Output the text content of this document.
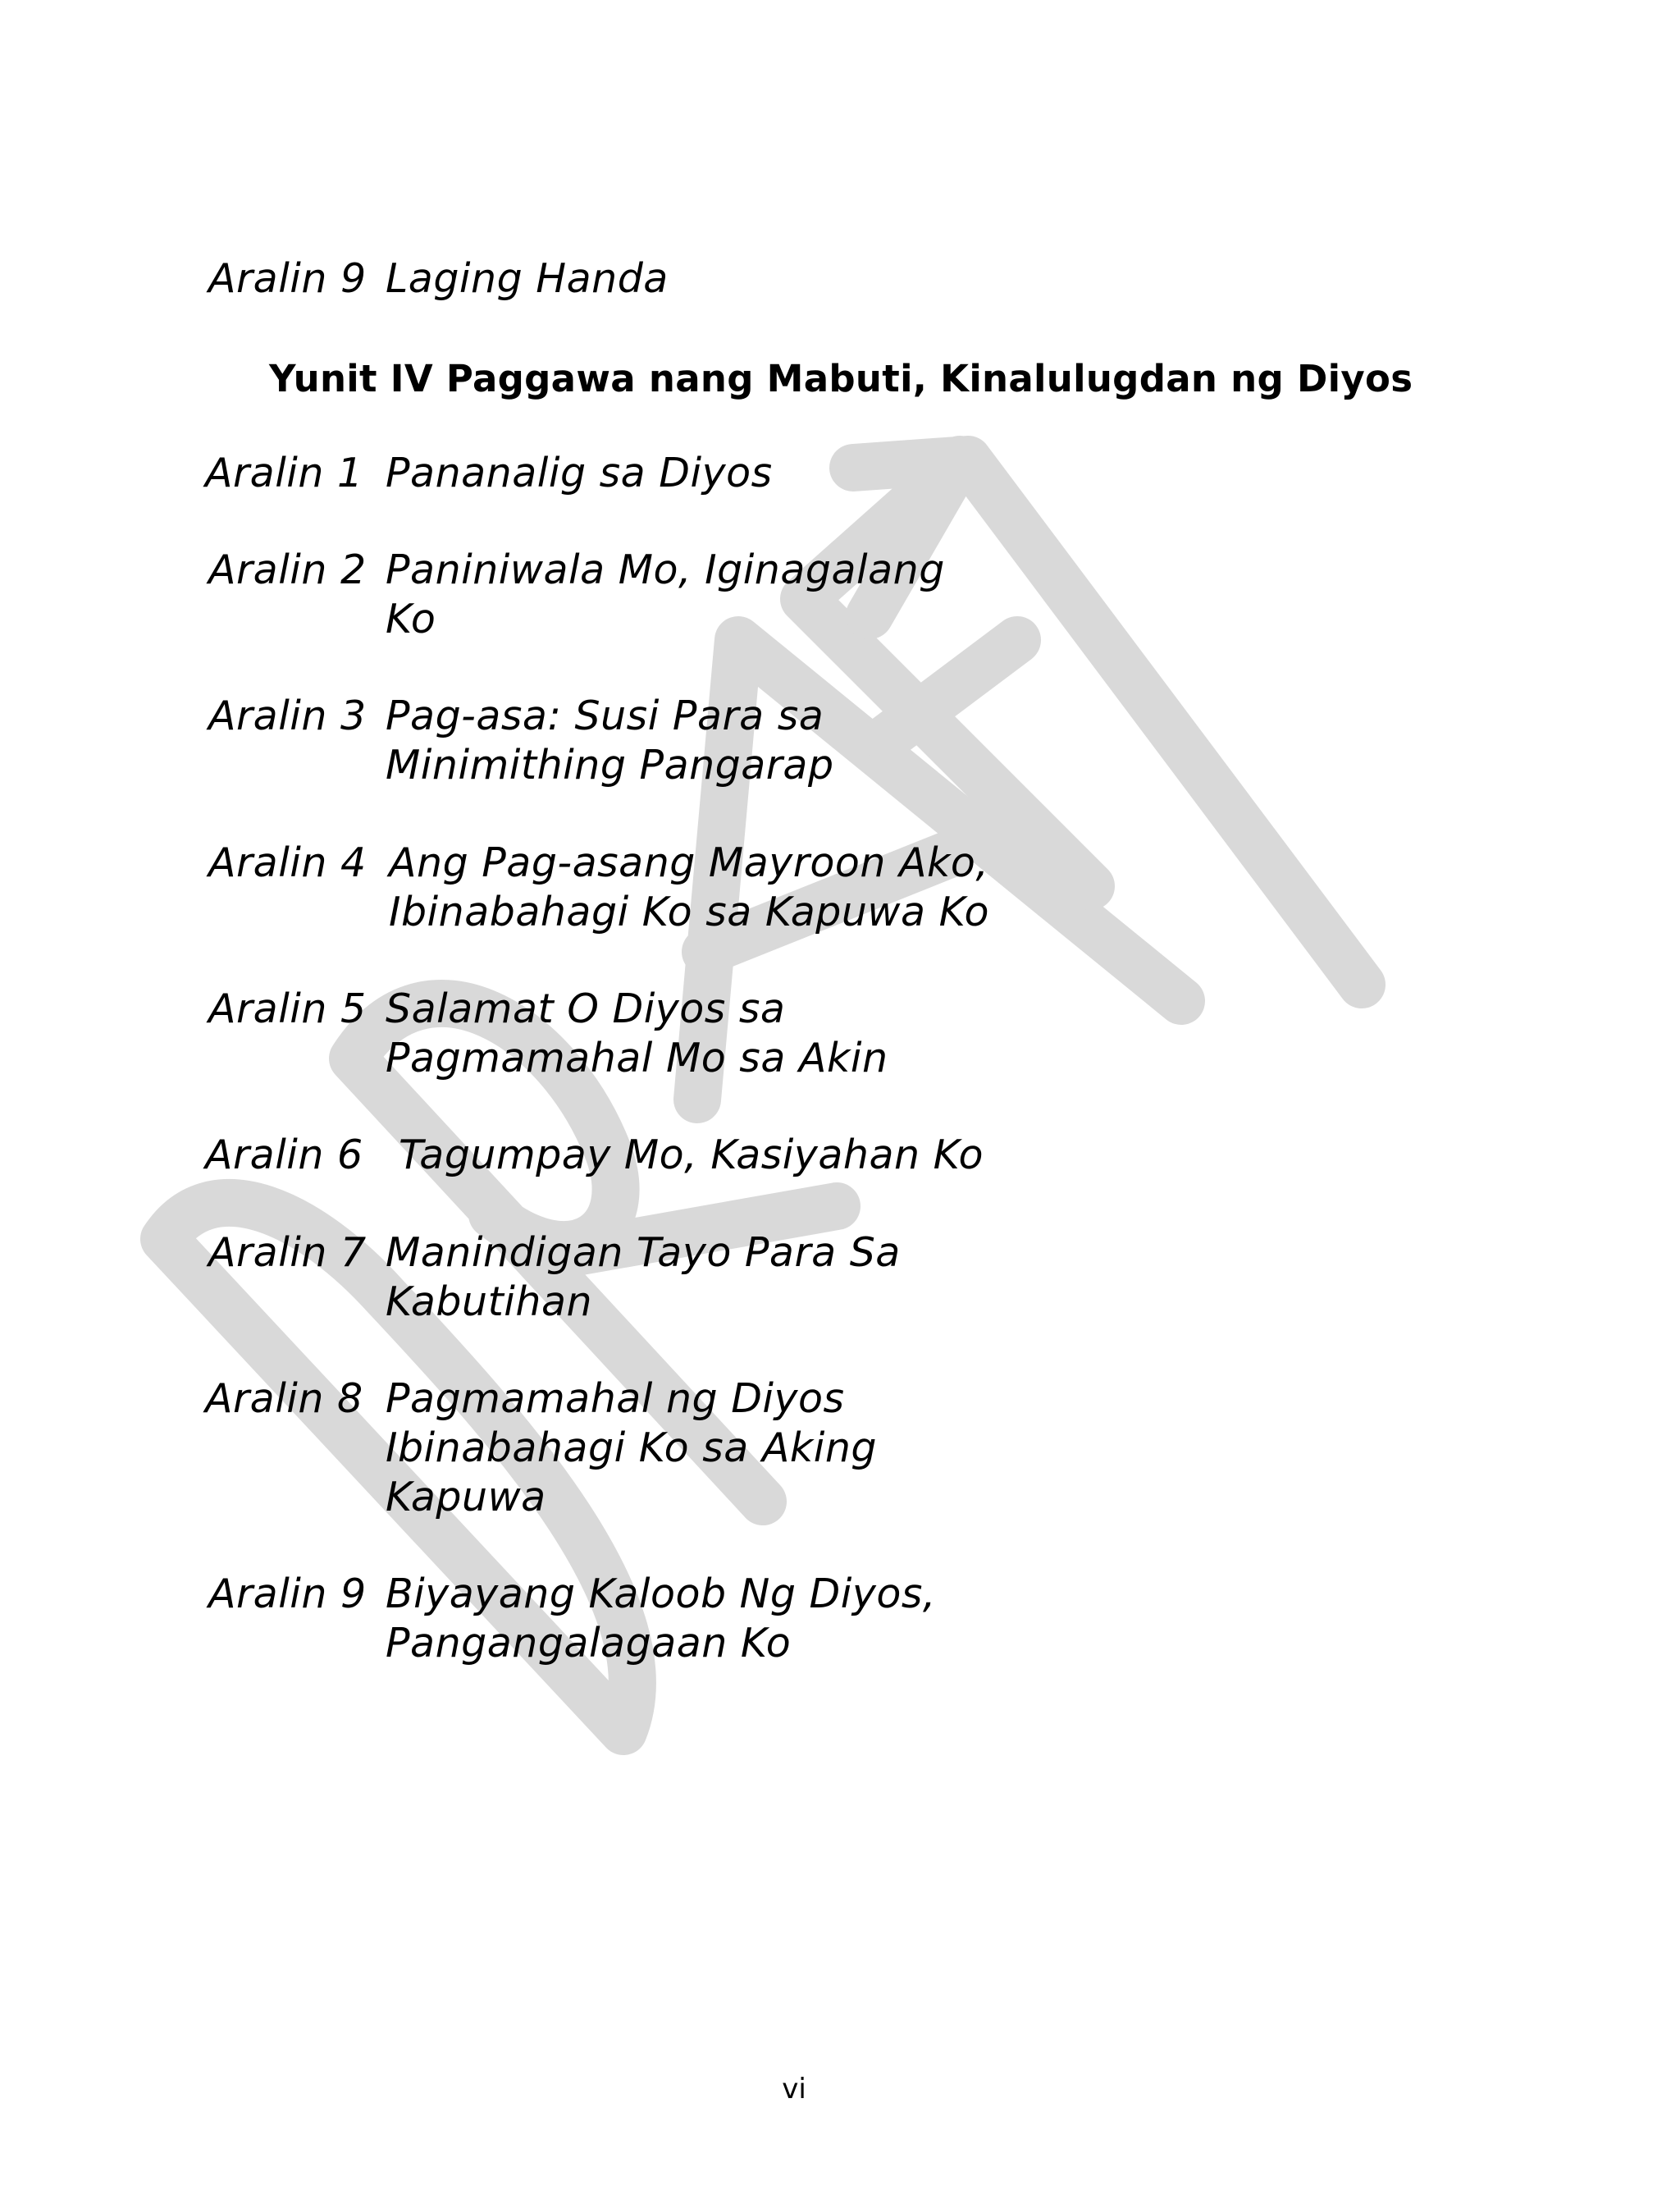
Aralin 9 Laging Handa
Yunit IV Paggawa nang Mabuti, Kinalulugdan ng Diyos
Aralin 1 Pananalig sa Diyos
Aralin 2 Paniniwala Mo, Iginagalang
Ko
Aralin 3 Pag-asa: Susi Para sa
Minimithing Pangarap
Aralin 4 Ang Pag-asang Mayroon Ako,
Ibinabahagi Ko sa Kapuwa Ko
Aralin 5 Salamat O Diyos sa
Pagmamahal Mo sa Akin
Aralin 6 Tagumpay Mo, Kasiyahan Ko
Aralin 7 Manindigan Tayo Para Sa
Kabutihan
Aralin 8 Pagmamahal ng Diyos
Ibinabahagi Ko sa Aking
Kapuwa
Aralin 9 Biyayang Kaloob Ng Diyos,
Pangangalagaan Ko
vi
